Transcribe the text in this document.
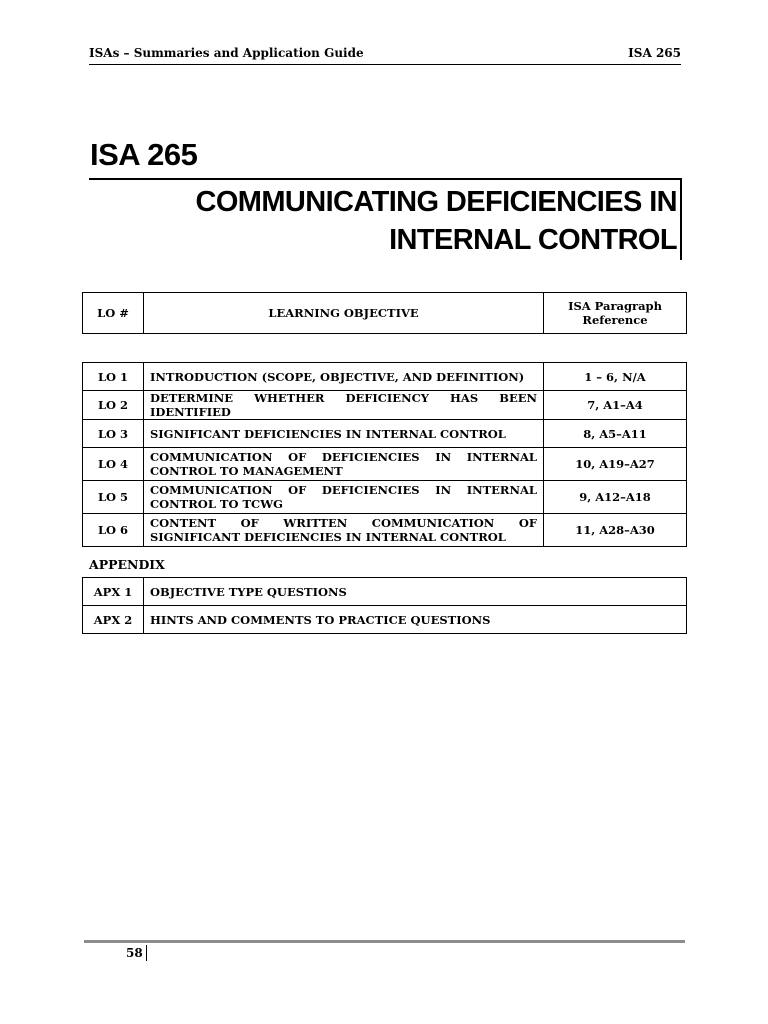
ISAs – Summaries and Application Guide	ISA 265
ISA 265
COMMUNICATING DEFICIENCIES IN
INTERNAL CONTROL
LO #	LEARNING OBJECTIVE	ISA Paragraph Reference
LO 1	INTRODUCTION (SCOPE, OBJECTIVE, AND DEFINITION)	1 – 6, N/A
LO 2	DETERMINE WHETHER DEFICIENCY HAS BEEN IDENTIFIED	7, A1–A4
LO 3	SIGNIFICANT DEFICIENCIES IN INTERNAL CONTROL	8, A5–A11
LO 4	COMMUNICATION OF DEFICIENCIES IN INTERNAL CONTROL TO MANAGEMENT	10, A19–A27
LO 5	COMMUNICATION OF DEFICIENCIES IN INTERNAL CONTROL TO TCWG	9, A12–A18
LO 6	CONTENT OF WRITTEN COMMUNICATION OF SIGNIFICANT DEFICIENCIES IN INTERNAL CONTROL	11, A28–A30
APPENDIX
APX 1	OBJECTIVE TYPE QUESTIONS
APX 2	HINTS AND COMMENTS TO PRACTICE QUESTIONS
58
